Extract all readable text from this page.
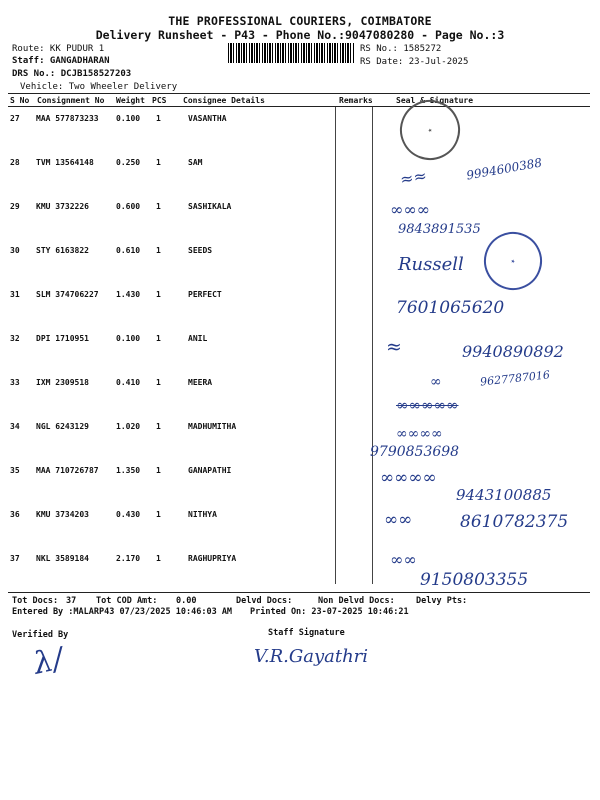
THE PROFESSIONAL COURIERS, COIMBATORE
Delivery Runsheet - P43 - Phone No.:9047080280 - Page No.:3
Route: KK PUDUR 1
Staff: GANGADHARAN
DRS No.: DCJB158527203
Vehicle: Two Wheeler Delivery
RS No.: 1585272
RS Date: 23-Jul-2025
S No Consignment No Weight PCS Consignee Details	Remarks	Seal & Signature
27 MAA 577873233 0.100 1	VASANTHA
28 TVM 13564148	0.250 1	SAM
29 KMU 3732226	0.600 1	SASHIKALA
30 STY 6163822	0.610 1	SEEDS
31 SLM 374706227 1.430 1	PERFECT
32 DPI 1710951	0.100 1	ANIL
33 IXM 2309518	0.410 1	MEERA
34 NGL 6243129	1.020 1	MADHUMITHA
35 MAA 710726787 1.350 1	GANAPATHI
36 KMU 3734203	0.430 1	NITHYA
37 NKL 3589184	2.170 1	RAGHUPRIYA
★
★
≈≈	9994600388
∞∞∞
9843891535
Russell
7601065620
≈	9940890892
∞	9627787016
∞∞∞∞∞
∞∞∞∞
9790853698
∞∞∞∞
9443100885
∞∞	8610782375
∞∞
9150803355
Tot Docs: 37 Tot COD Amt: 0.00	Delvd Docs:	Non Delvd Docs: Delvy Pts:
Entered By :MALARP43 07/23/2025 10:46:03 AM Printed On: 23-07-2025 10:46:21
Verified By	Staff Signature
λ/	V.R.Gayathri
